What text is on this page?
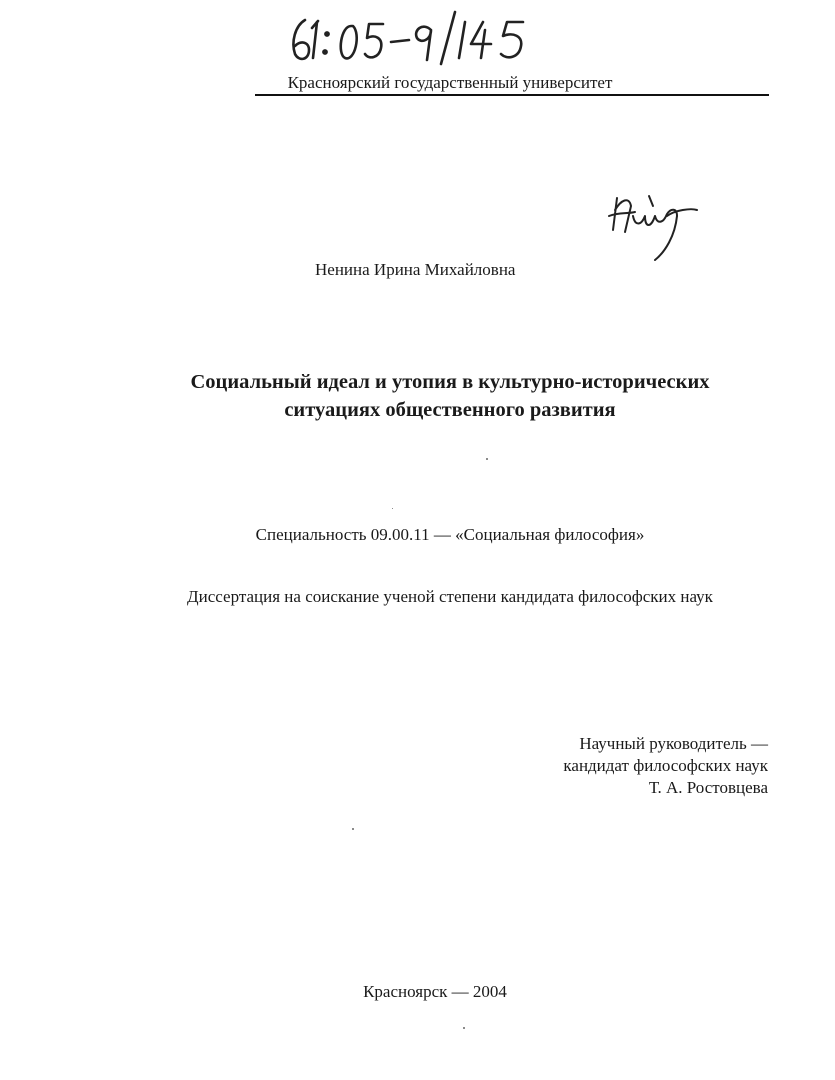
Красноярский государственный университет
Ненина Ирина Михайловна
Социальный идеал и утопия в культурно-исторических
ситуациях общественного развития
Специальность 09.00.11 — «Социальная философия»
Диссертация на соискание ученой степени кандидата философских наук
Научный руководитель —
кандидат философских наук
Т. А. Ростовцева
Красноярск — 2004
